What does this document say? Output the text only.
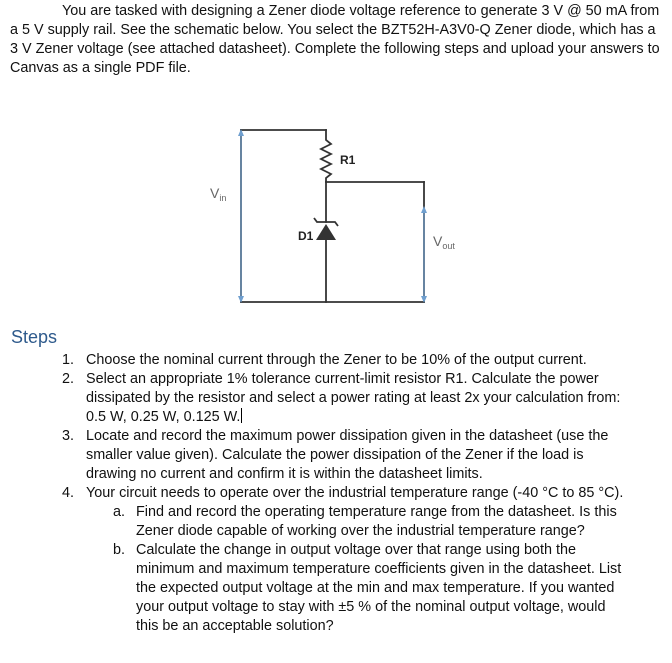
You are tasked with designing a Zener diode voltage reference to generate 3 V @ 50 mA from a 5 V supply rail. See the schematic below. You select the BZT52H-A3V0-Q Zener diode, which has a 3 V Zener voltage (see attached datasheet). Complete the following steps and upload your answers to Canvas as a single PDF file.

R1
D1
Vin
Vout
Steps
1. Choose the nominal current through the Zener to be 10% of the output current.
2. Select an appropriate 1% tolerance current-limit resistor R1. Calculate the power
dissipated by the resistor and select a power rating at least 2x your calculation from:
0.5 W, 0.25 W, 0.125 W.
3. Locate and record the maximum power dissipation given in the datasheet (use the
smaller value given). Calculate the power dissipation of the Zener if the load is
drawing no current and confirm it is within the datasheet limits.
4. Your circuit needs to operate over the industrial temperature range (-40 °C to 85 °C).
a. Find and record the operating temperature range from the datasheet. Is this
Zener diode capable of working over the industrial temperature range?
b. Calculate the change in output voltage over that range using both the
minimum and maximum temperature coefficients given in the datasheet. List
the expected output voltage at the min and max temperature. If you wanted
your output voltage to stay with ±5 % of the nominal output voltage, would
this be an acceptable solution?
